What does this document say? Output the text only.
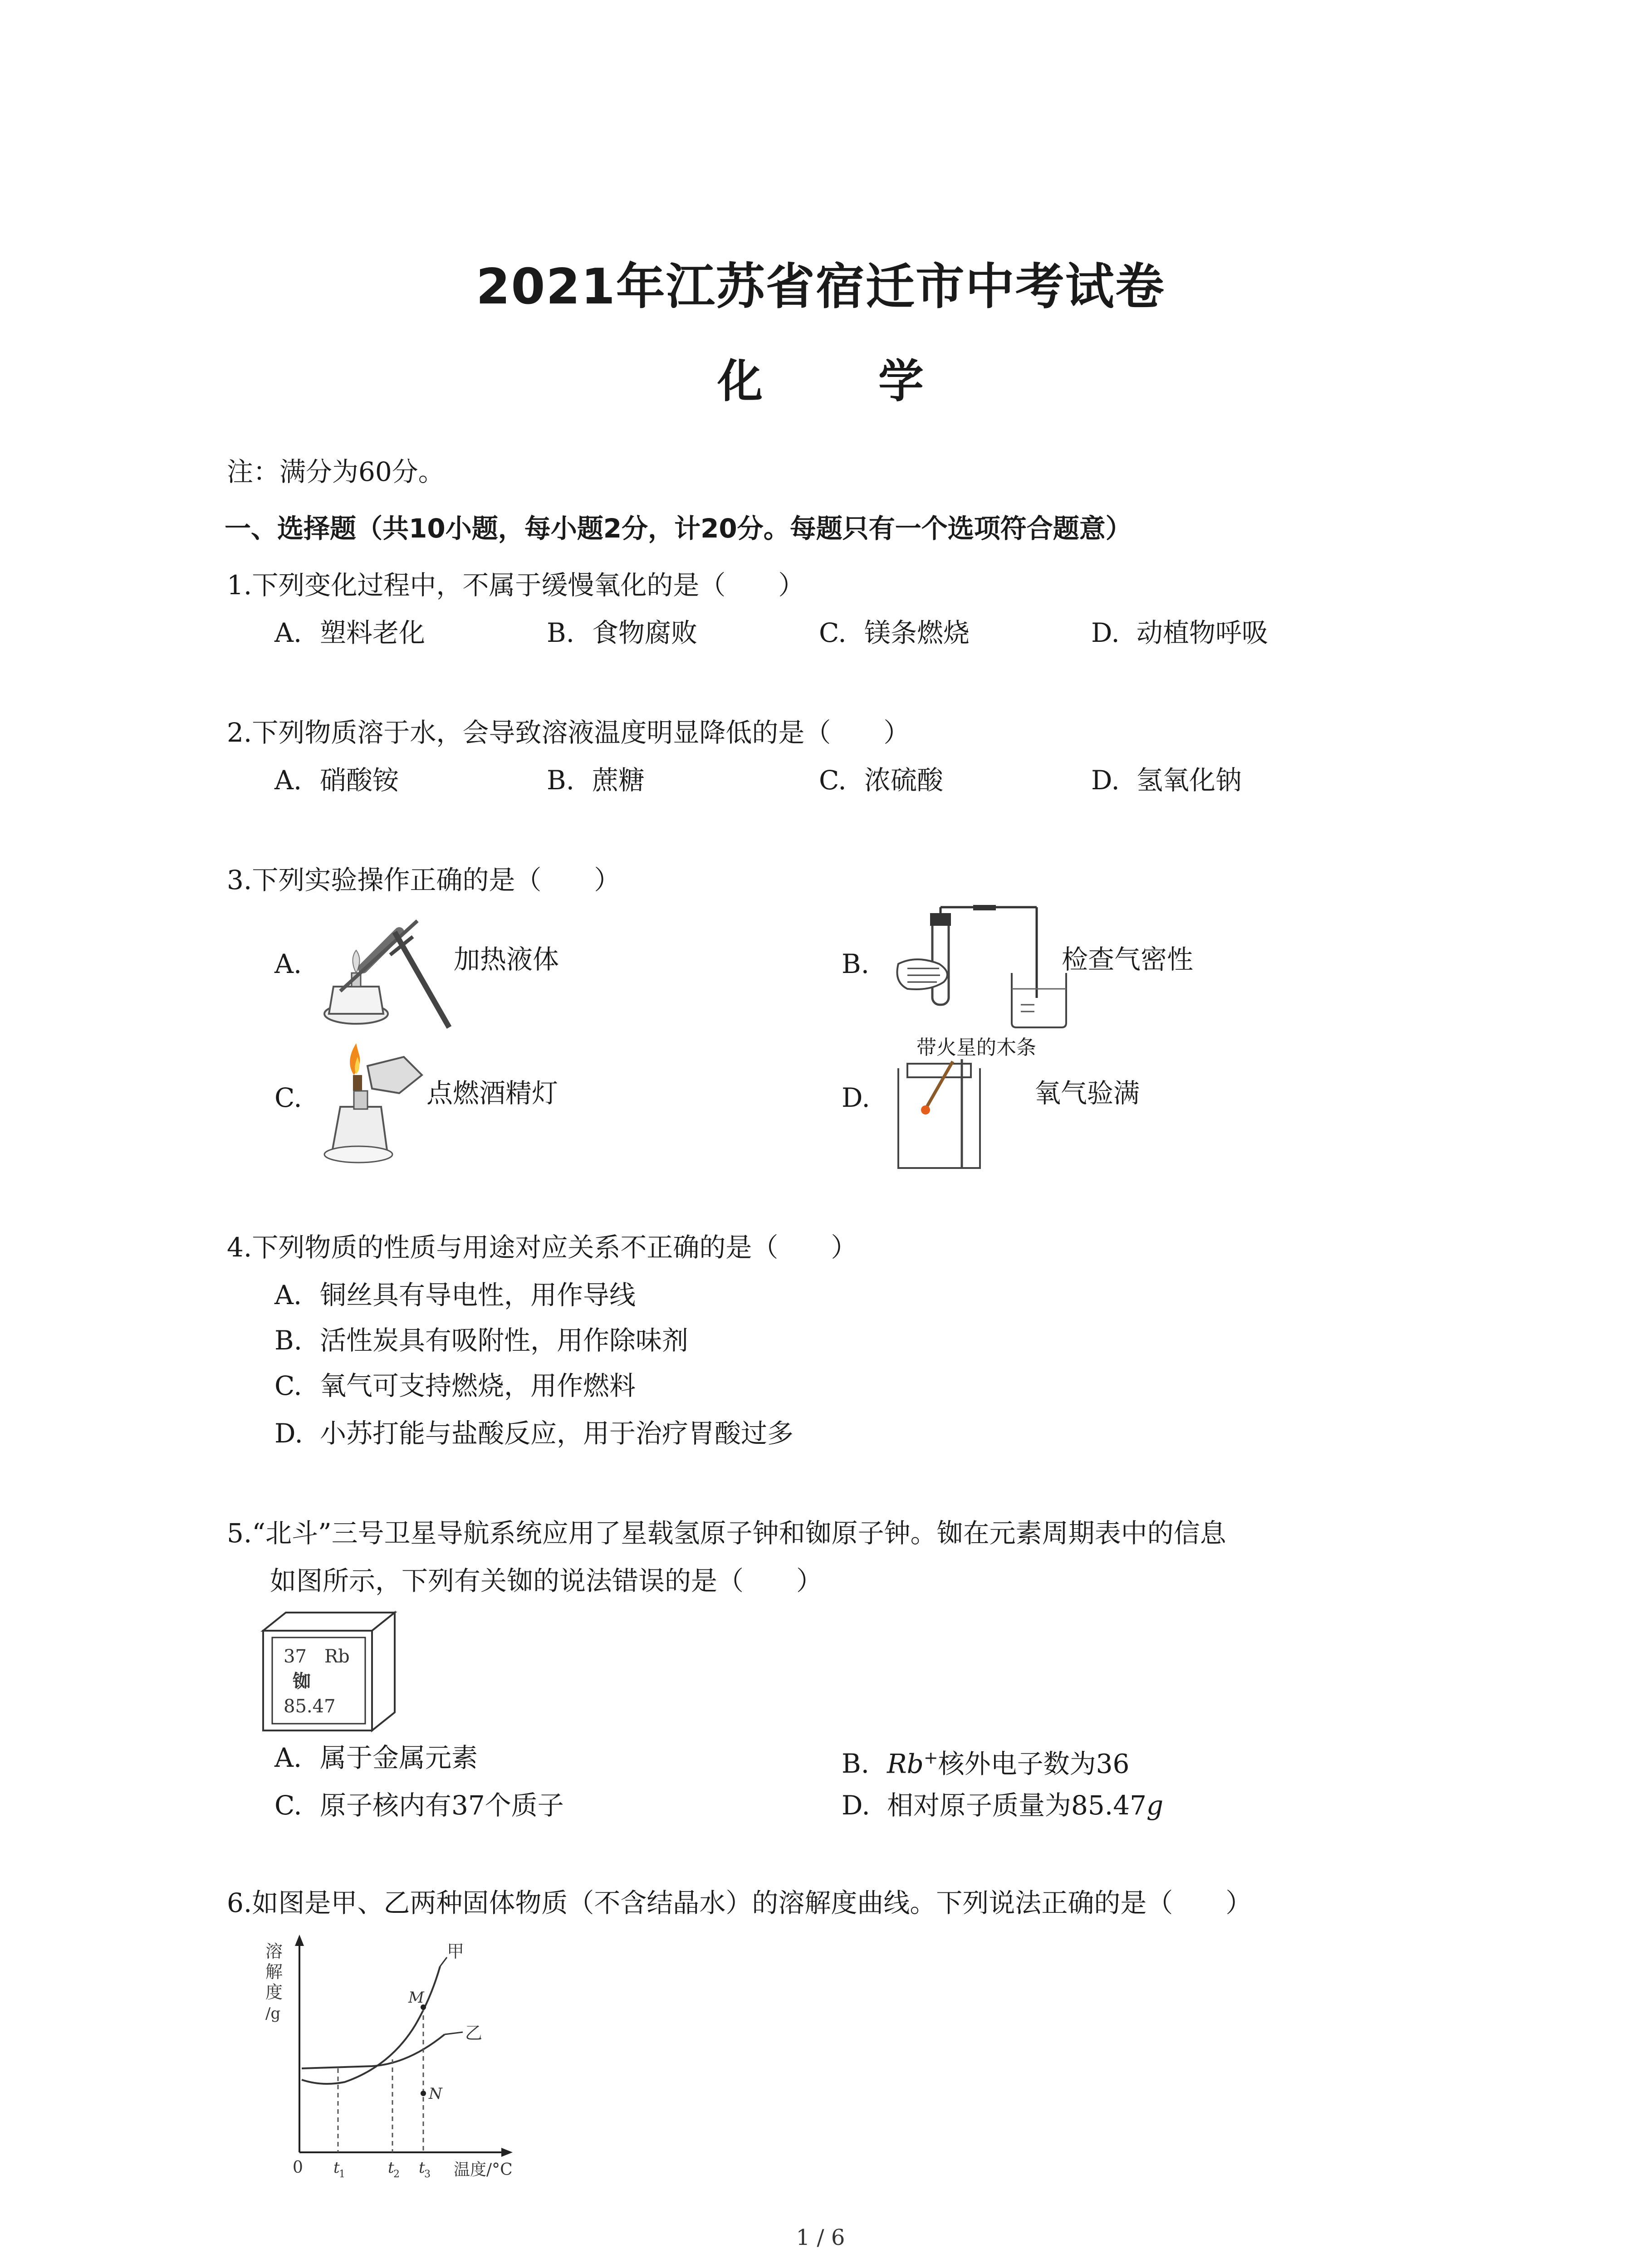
2021年江苏省宿迁市中考试卷
化 学
注：满分为60分。
一、选择题（共10小题，每小题2分，计20分。每题只有一个选项符合题意）
1.下列变化过程中，不属于缓慢氧化的是（　　）
A. 塑料老化	B. 食物腐败	C. 镁条燃烧	D. 动植物呼吸
2.下列物质溶于水，会导致溶液温度明显降低的是（　　）
A. 硝酸铵	B. 蔗糖	C. 浓硫酸	D. 氢氧化钠
3.下列实验操作正确的是（　　）
A.	加热液体	B.	检查气密性
C.	点燃酒精灯	D.
带火星的木条
氧气验满
4.下列物质的性质与用途对应关系不正确的是（　　）
A. 铜丝具有导电性，用作导线
B. 活性炭具有吸附性，用作除味剂
C. 氧气可支持燃烧，用作燃料
D. 小苏打能与盐酸反应，用于治疗胃酸过多
5.“北斗”三号卫星导航系统应用了星载氢原子钟和铷原子钟。铷在元素周期表中的信息
如图所示，下列有关铷的说法错误的是（　　）
37 Rb
铷
85.47
A. 属于金属元素	B. Rb+核外电子数为36
C. 原子核内有37个质子	D. 相对原子质量为85.47g
6.如图是甲、乙两种固体物质（不含结晶水）的溶解度曲线。下列说法正确的是（　　）
溶
解
度
/g
M
N
甲
乙
0 t
1	t
2 t
3 温度/°C
1 / 6
